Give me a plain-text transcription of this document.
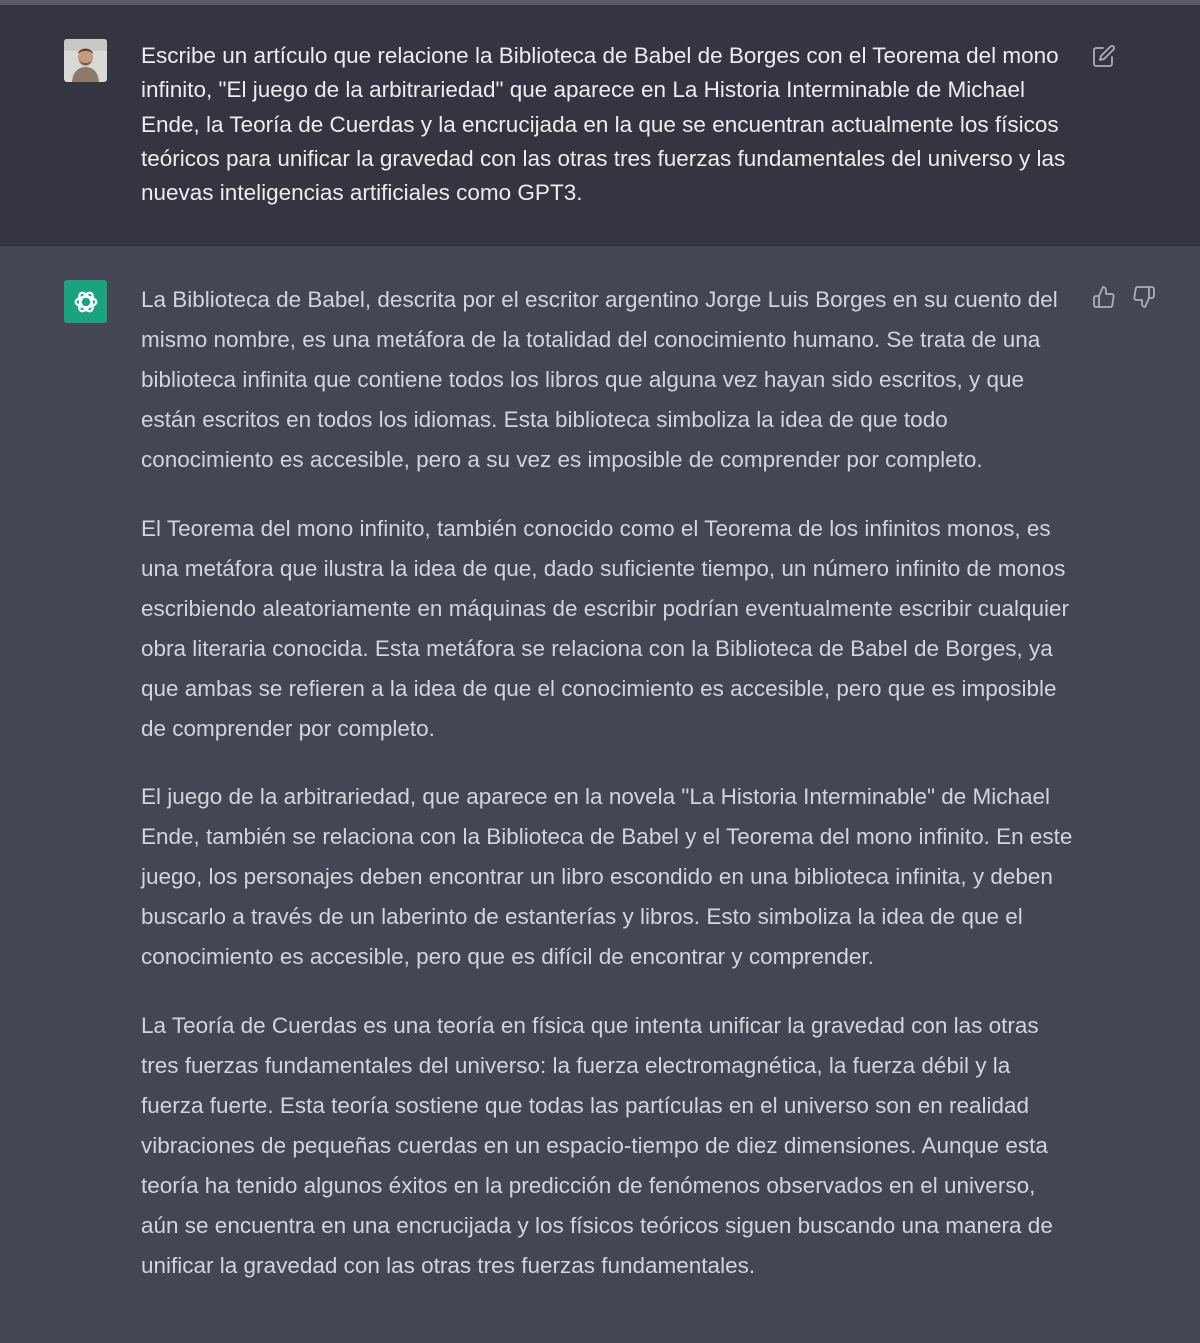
Escribe un artículo que relacione la Biblioteca de Babel de Borges con el Teorema del mono infinito, "El juego de la arbitrariedad" que aparece en La Historia Interminable de Michael Ende, la Teoría de Cuerdas y la encrucijada en la que se encuentran actualmente los físicos teóricos para unificar la gravedad con las otras tres fuerzas fundamentales del universo y las nuevas inteligencias artificiales como GPT3.

La Biblioteca de Babel, descrita por el escritor argentino Jorge Luis Borges en su cuento del mismo nombre, es una metáfora de la totalidad del conocimiento humano. Se trata de una biblioteca infinita que contiene todos los libros que alguna vez hayan sido escritos, y que están escritos en todos los idiomas. Esta biblioteca simboliza la idea de que todo conocimiento es accesible, pero a su vez es imposible de comprender por completo.

El Teorema del mono infinito, también conocido como el Teorema de los infinitos monos, es una metáfora que ilustra la idea de que, dado suficiente tiempo, un número infinito de monos escribiendo aleatoriamente en máquinas de escribir podrían eventualmente escribir cualquier obra literaria conocida. Esta metáfora se relaciona con la Biblioteca de Babel de Borges, ya que ambas se refieren a la idea de que el conocimiento es accesible, pero que es imposible de comprender por completo.

El juego de la arbitrariedad, que aparece en la novela "La Historia Interminable" de Michael Ende, también se relaciona con la Biblioteca de Babel y el Teorema del mono infinito. En este juego, los personajes deben encontrar un libro escondido en una biblioteca infinita, y deben buscarlo a través de un laberinto de estanterías y libros. Esto simboliza la idea de que el conocimiento es accesible, pero que es difícil de encontrar y comprender.

La Teoría de Cuerdas es una teoría en física que intenta unificar la gravedad con las otras tres fuerzas fundamentales del universo: la fuerza electromagnética, la fuerza débil y la fuerza fuerte. Esta teoría sostiene que todas las partículas en el universo son en realidad vibraciones de pequeñas cuerdas en un espacio-tiempo de diez dimensiones. Aunque esta teoría ha tenido algunos éxitos en la predicción de fenómenos observados en el universo, aún se encuentra en una encrucijada y los físicos teóricos siguen buscando una manera de unificar la gravedad con las otras tres fuerzas fundamentales.
